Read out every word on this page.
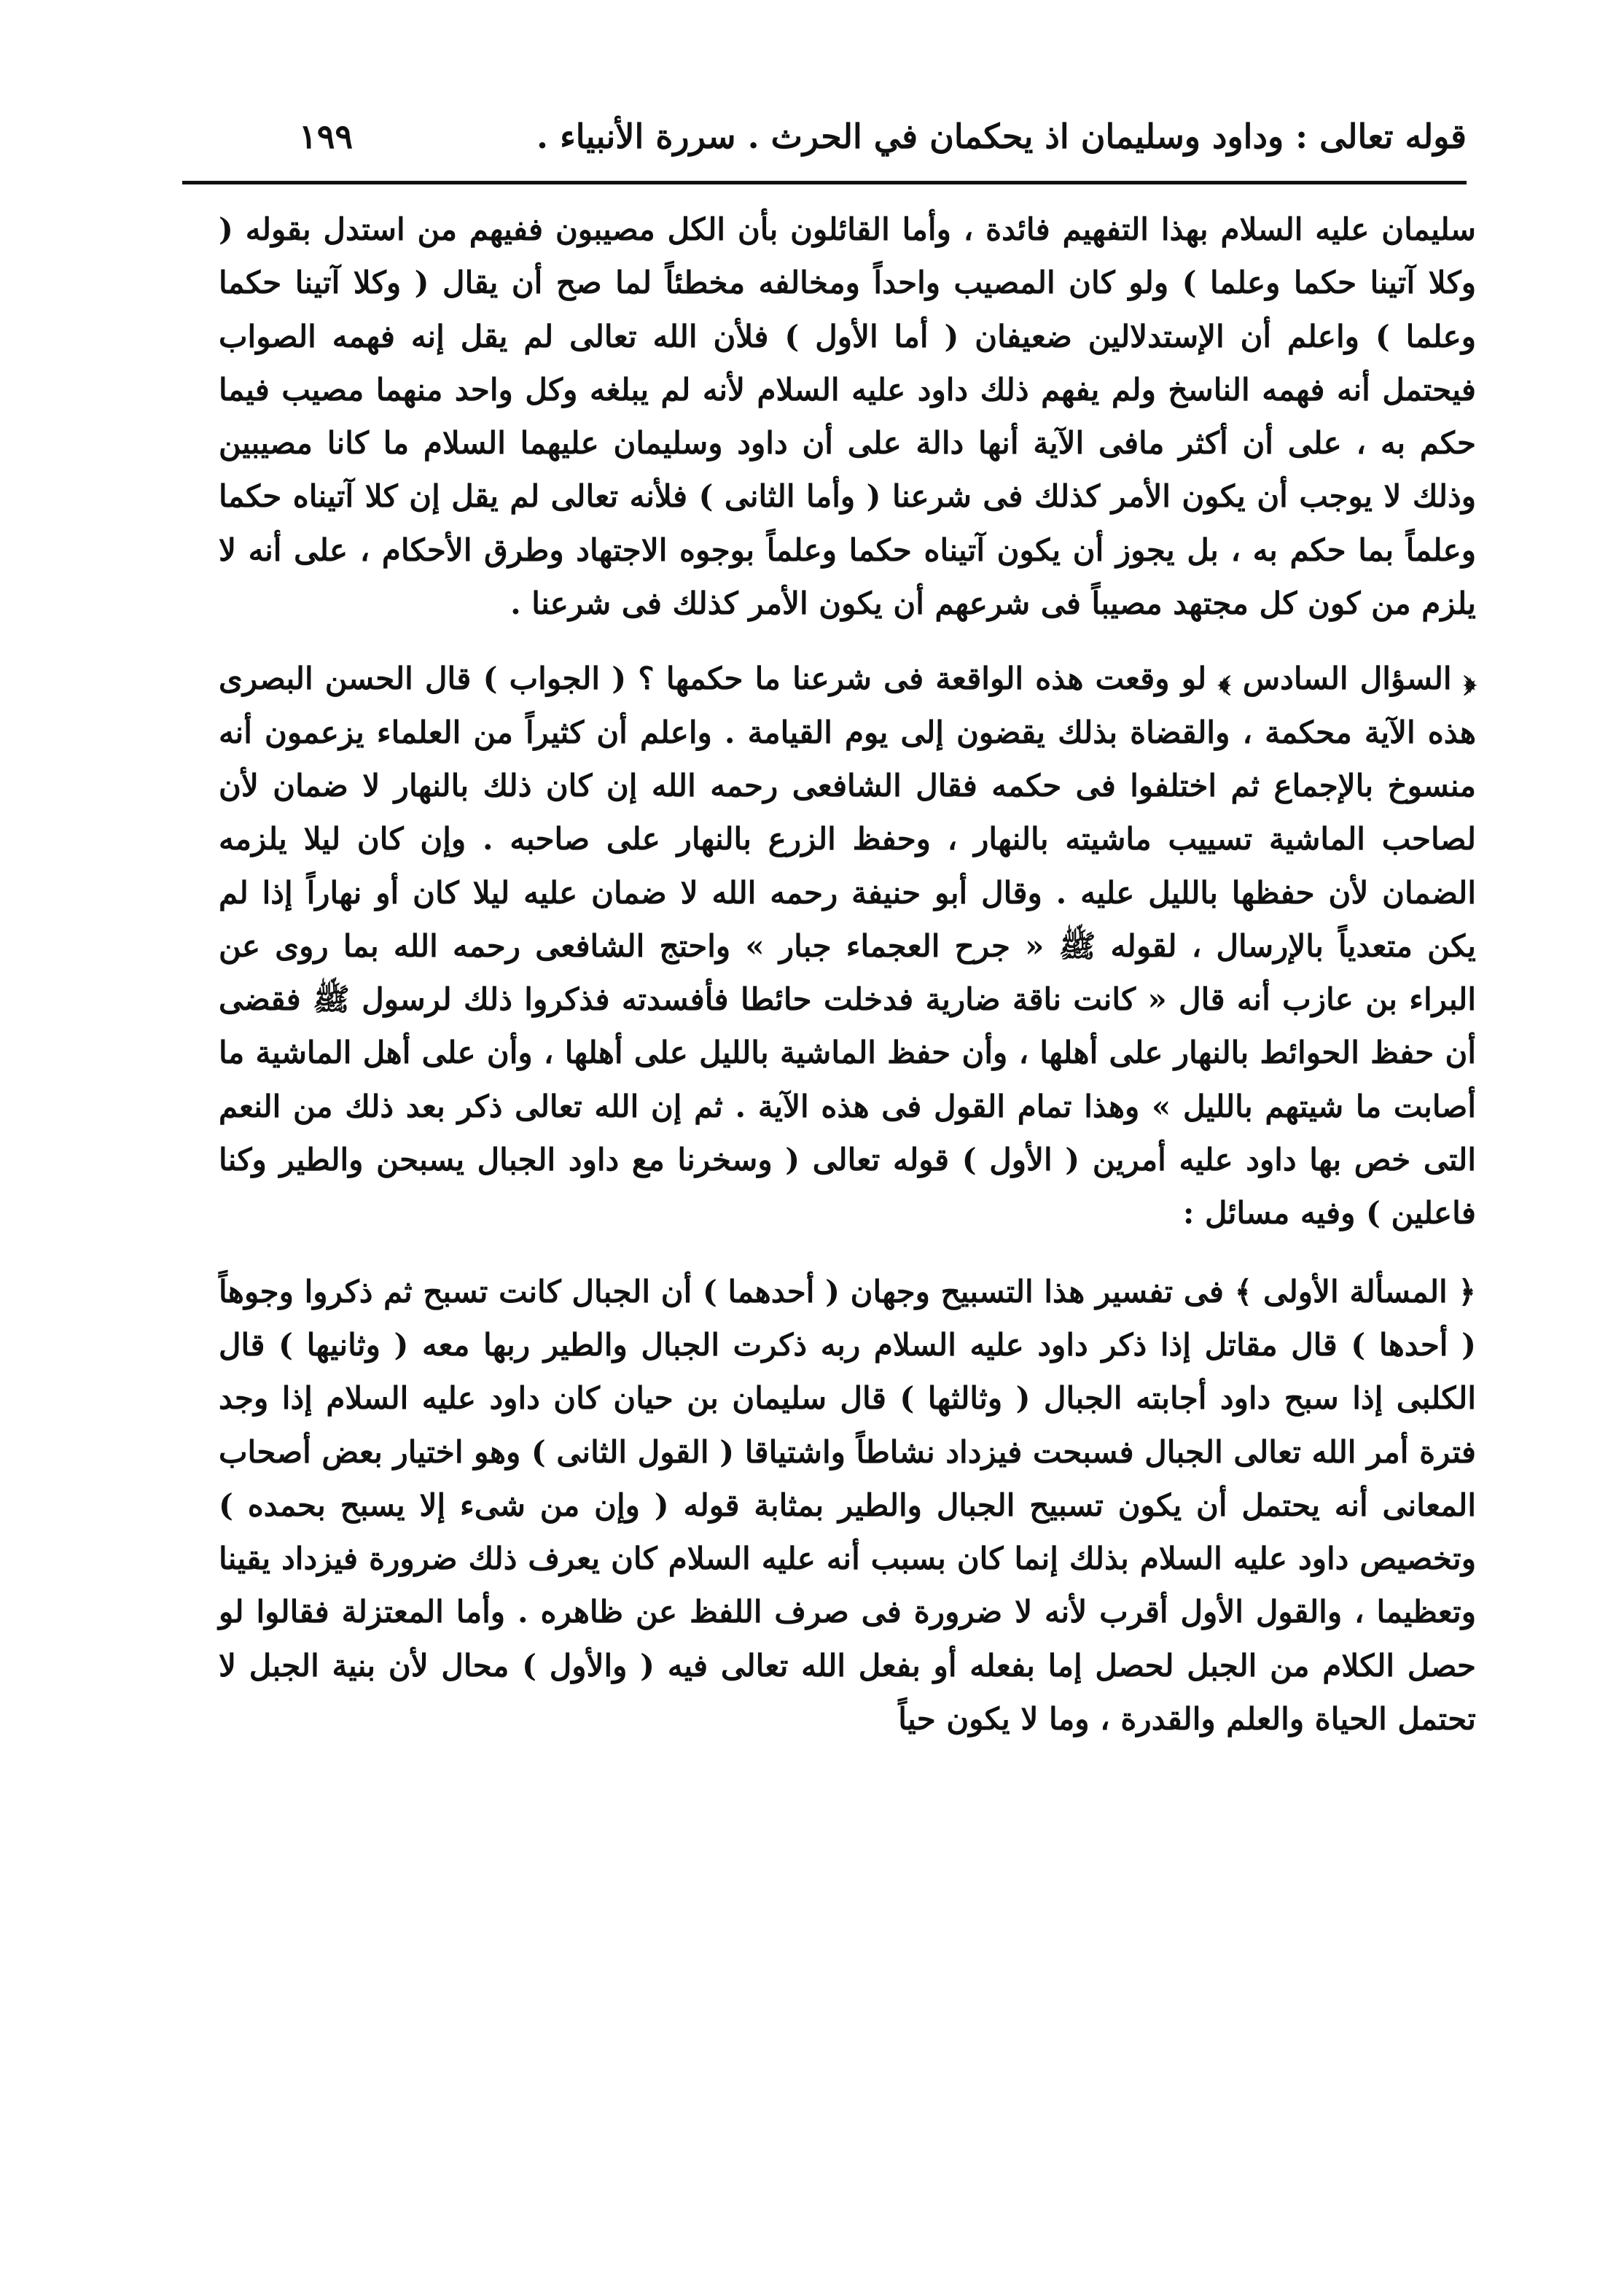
قوله تعالى : وداود وسليمان اذ يحكمان في الحرث . سررة الأنبياء .
١٩٩

سليمان عليه السلام بهذا التفهيم فائدة ، وأما القائلون بأن الكل مصيبون ففيهم من استدل بقوله ( وكلا آتينا حكما وعلما ) ولو كان المصيب واحداً ومخالفه مخطئاً لما صح أن يقال ( وكلا آتينا حكما وعلما ) واعلم أن الإستدلالين ضعيفان ( أما الأول ) فلأن الله تعالى لم يقل إنه فهمه الصواب فيحتمل أنه فهمه الناسخ ولم يفهم ذلك داود عليه السلام لأنه لم يبلغه وكل واحد منهما مصيب فيما حكم به ، على أن أكثر مافى الآية أنها دالة على أن داود وسليمان عليهما السلام ما كانا مصيبين وذلك لا يوجب أن يكون الأمر كذلك فى شرعنا ( وأما الثانى ) فلأنه تعالى لم يقل إن كلا آتيناه حكما وعلماً بما حكم به ، بل يجوز أن يكون آتيناه حكما وعلماً بوجوه الاجتهاد وطرق الأحكام ، على أنه لا يلزم من كون كل مجتهد مصيباً فى شرعهم أن يكون الأمر كذلك فى شرعنا .

﴿ السؤال السادس ﴾ لو وقعت هذه الواقعة فى شرعنا ما حكمها ؟ ( الجواب ) قال الحسن البصرى هذه الآية محكمة ، والقضاة بذلك يقضون إلى يوم القيامة . واعلم أن كثيراً من العلماء يزعمون أنه منسوخ بالإجماع ثم اختلفوا فى حكمه فقال الشافعى رحمه الله إن كان ذلك بالنهار لا ضمان لأن لصاحب الماشية تسييب ماشيته بالنهار ، وحفظ الزرع بالنهار على صاحبه . وإن كان ليلا يلزمه الضمان لأن حفظها بالليل عليه . وقال أبو حنيفة رحمه الله لا ضمان عليه ليلا كان أو نهاراً إذا لم يكن متعدياً بالإرسال ، لقوله ﷺ « جرح العجماء جبار » واحتج الشافعى رحمه الله بما روى عن البراء بن عازب أنه قال « كانت ناقة ضارية فدخلت حائطا فأفسدته فذكروا ذلك لرسول ﷺ فقضى أن حفظ الحوائط بالنهار على أهلها ، وأن حفظ الماشية بالليل على أهلها ، وأن على أهل الماشية ما أصابت ما شيتهم بالليل » وهذا تمام القول فى هذه الآية . ثم إن الله تعالى ذكر بعد ذلك من النعم التى خص بها داود عليه أمرين ( الأول ) قوله تعالى ( وسخرنا مع داود الجبال يسبحن والطير وكنا فاعلين ) وفيه مسائل :

﴿ المسألة الأولى ﴾ فى تفسير هذا التسبيح وجهان ( أحدهما ) أن الجبال كانت تسبح ثم ذكروا وجوهاً ( أحدها ) قال مقاتل إذا ذكر داود عليه السلام ربه ذكرت الجبال والطير ربها معه ( وثانيها ) قال الكلبى إذا سبح داود أجابته الجبال ( وثالثها ) قال سليمان بن حيان كان داود عليه السلام إذا وجد فترة أمر الله تعالى الجبال فسبحت فيزداد نشاطاً واشتياقا ( القول الثانى ) وهو اختيار بعض أصحاب المعانى أنه يحتمل أن يكون تسبيح الجبال والطير بمثابة قوله ( وإن من شىء إلا يسبح بحمده ) وتخصيص داود عليه السلام بذلك إنما كان بسبب أنه عليه السلام كان يعرف ذلك ضرورة فيزداد يقينا وتعظيما ، والقول الأول أقرب لأنه لا ضرورة فى صرف اللفظ عن ظاهره . وأما المعتزلة فقالوا لو حصل الكلام من الجبل لحصل إما بفعله أو بفعل الله تعالى فيه ( والأول ) محال لأن بنية الجبل لا تحتمل الحياة والعلم والقدرة ، وما لا يكون حياً
